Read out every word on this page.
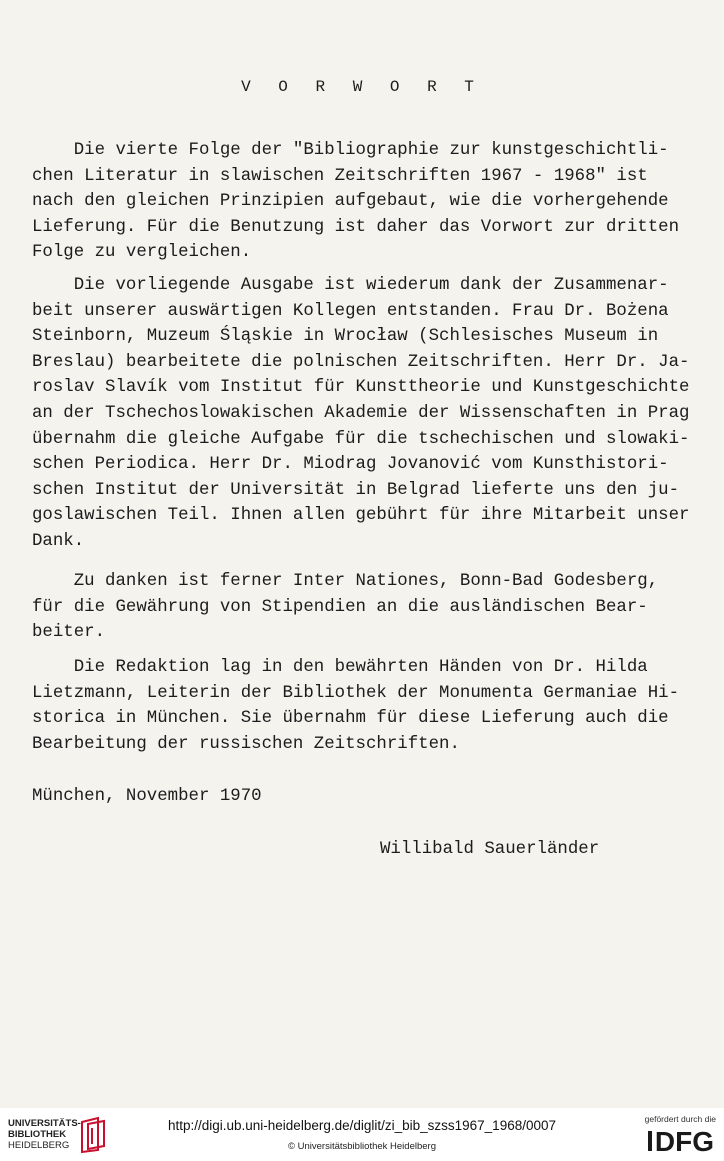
V O R W O R T

Die vierte Folge der "Bibliographie zur kunstgeschichtli-
chen Literatur in slawischen Zeitschriften 1967 - 1968" ist
nach den gleichen Prinzipien aufgebaut, wie die vorhergehende
Lieferung. Für die Benutzung ist daher das Vorwort zur dritten
Folge zu vergleichen.

Die vorliegende Ausgabe ist wiederum dank der Zusammenar-
beit unserer auswärtigen Kollegen entstanden. Frau Dr. Bożena
Steinborn, Muzeum Śląskie in Wrocław (Schlesisches Museum in
Breslau) bearbeitete die polnischen Zeitschriften. Herr Dr. Ja-
roslav Slavík vom Institut für Kunsttheorie und Kunstgeschichte
an der Tschechoslowakischen Akademie der Wissenschaften in Prag
übernahm die gleiche Aufgabe für die tschechischen und slowaki-
schen Periodica. Herr Dr. Miodrag Jovanović vom Kunsthistori-
schen Institut der Universität in Belgrad lieferte uns den ju-
goslawischen Teil. Ihnen allen gebührt für ihre Mitarbeit unser
Dank.

Zu danken ist ferner Inter Nationes, Bonn-Bad Godesberg,
für die Gewährung von Stipendien an die ausländischen Bear-
beiter.

Die Redaktion lag in den bewährten Händen von Dr. Hilda
Lietzmann, Leiterin der Bibliothek der Monumenta Germaniae Hi-
storica in München. Sie übernahm für diese Lieferung auch die
Bearbeitung der russischen Zeitschriften.

München, November 1970
Willibald Sauerländer
UNIVERSITÄTS-
BIBLIOTHEK
HEIDELBERG
http://digi.ub.uni-heidelberg.de/diglit/zi_bib_szss1967_1968/0007
© Universitätsbibliothek Heidelberg
gefördert durch die
DFG
